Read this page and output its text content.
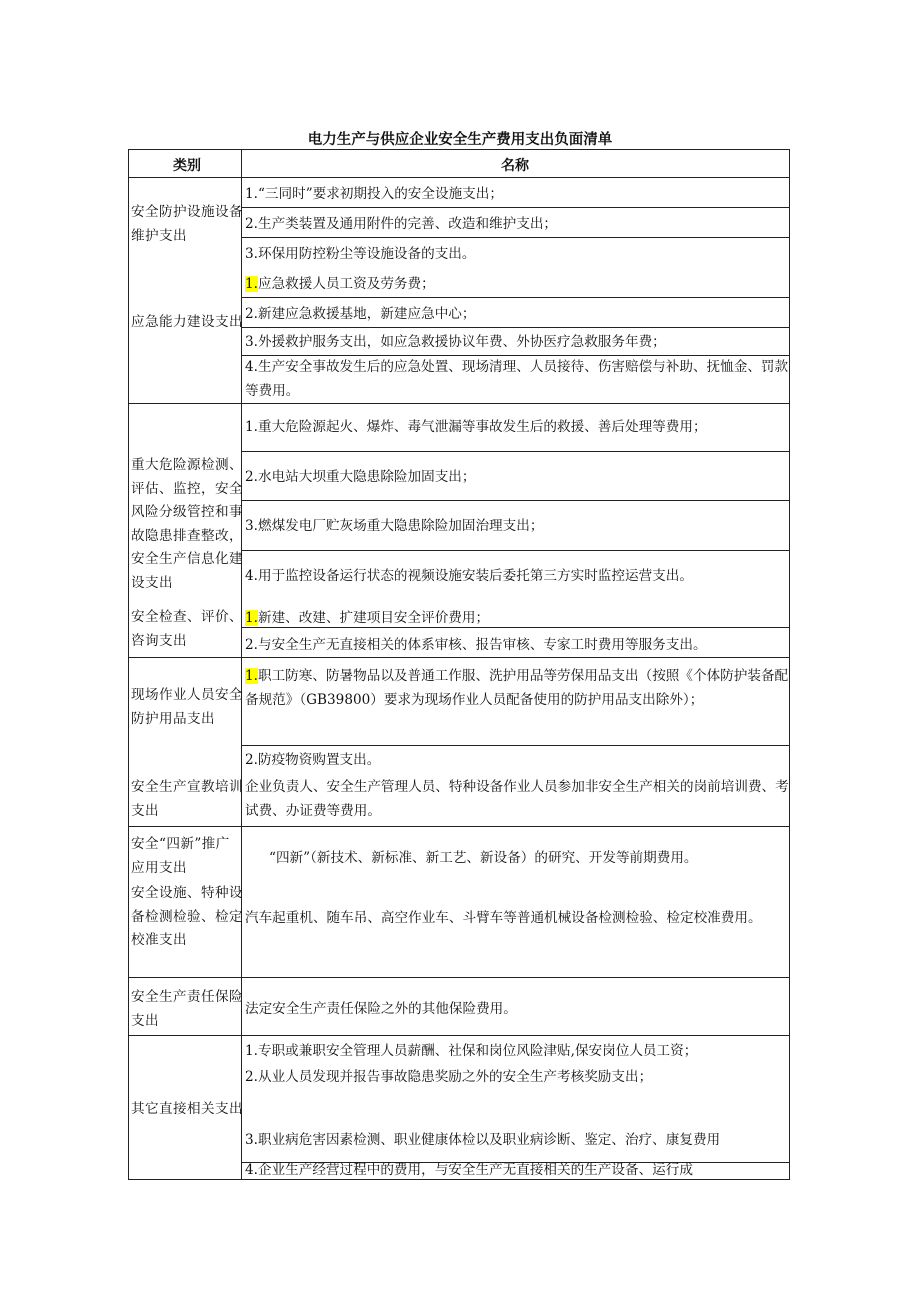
电力生产与供应企业安全生产费用支出负面清单
类别	名称
安全防护设施设备维护支出
1.“三同时”要求初期投入的安全设施支出；
2.生产类装置及通用附件的完善、改造和维护支出；
3.环保用防控粉尘等设施设备的支出。
应急能力建设支出
1.应急救援人员工资及劳务费；
2.新建应急救援基地，新建应急中心；
3.外援救护服务支出，如应急救援协议年费、外协医疗急救服务年费；
4.生产安全事故发生后的应急处置、现场清理、人员接待、伤害赔偿与补助、抚恤金、罚款等费用。
重大危险源检测、评估、监控，安全风险分级管控和事故隐患排查整改，安全生产信息化建设支出
1.重大危险源起火、爆炸、毒气泄漏等事故发生后的救援、善后处理等费用；
2.水电站大坝重大隐患除险加固支出；
3.燃煤发电厂贮灰场重大隐患除险加固治理支出；
4.用于监控设备运行状态的视频设施安装后委托第三方实时监控运营支出。
安全检查、评价、咨询支出
1.新建、改建、扩建项目安全评价费用；
2.与安全生产无直接相关的体系审核、报告审核、专家工时费用等服务支出。
现场作业人员安全防护用品支出
1.职工防寒、防暑物品以及普通工作服、洗护用品等劳保用品支出（按照《个体防护装备配备规范》（GB39800）要求为现场作业人员配备使用的防护用品支出除外）；
2.防疫物资购置支出。
安全生产宣教培训支出
企业负责人、安全生产管理人员、特种设备作业人员参加非安全生产相关的岗前培训费、考试费、办证费等费用。
安全“四新”推广应用支出
“四新”（新技术、新标准、新工艺、新设备）的研究、开发等前期费用。
安全设施、特种设备检测检验、检定校准支出
汽车起重机、随车吊、高空作业车、斗臂车等普通机械设备检测检验、检定校准费用。
安全生产责任保险支出
法定安全生产责任保险之外的其他保险费用。
其它直接相关支出
1.专职或兼职安全管理人员薪酬、社保和岗位风险津贴,保安岗位人员工资；
2.从业人员发现并报告事故隐患奖励之外的安全生产考核奖励支出；
3.职业病危害因素检测、职业健康体检以及职业病诊断、鉴定、治疗、康复费用
4.企业生产经营过程中的费用，与安全生产无直接相关的生产设备、运行成
